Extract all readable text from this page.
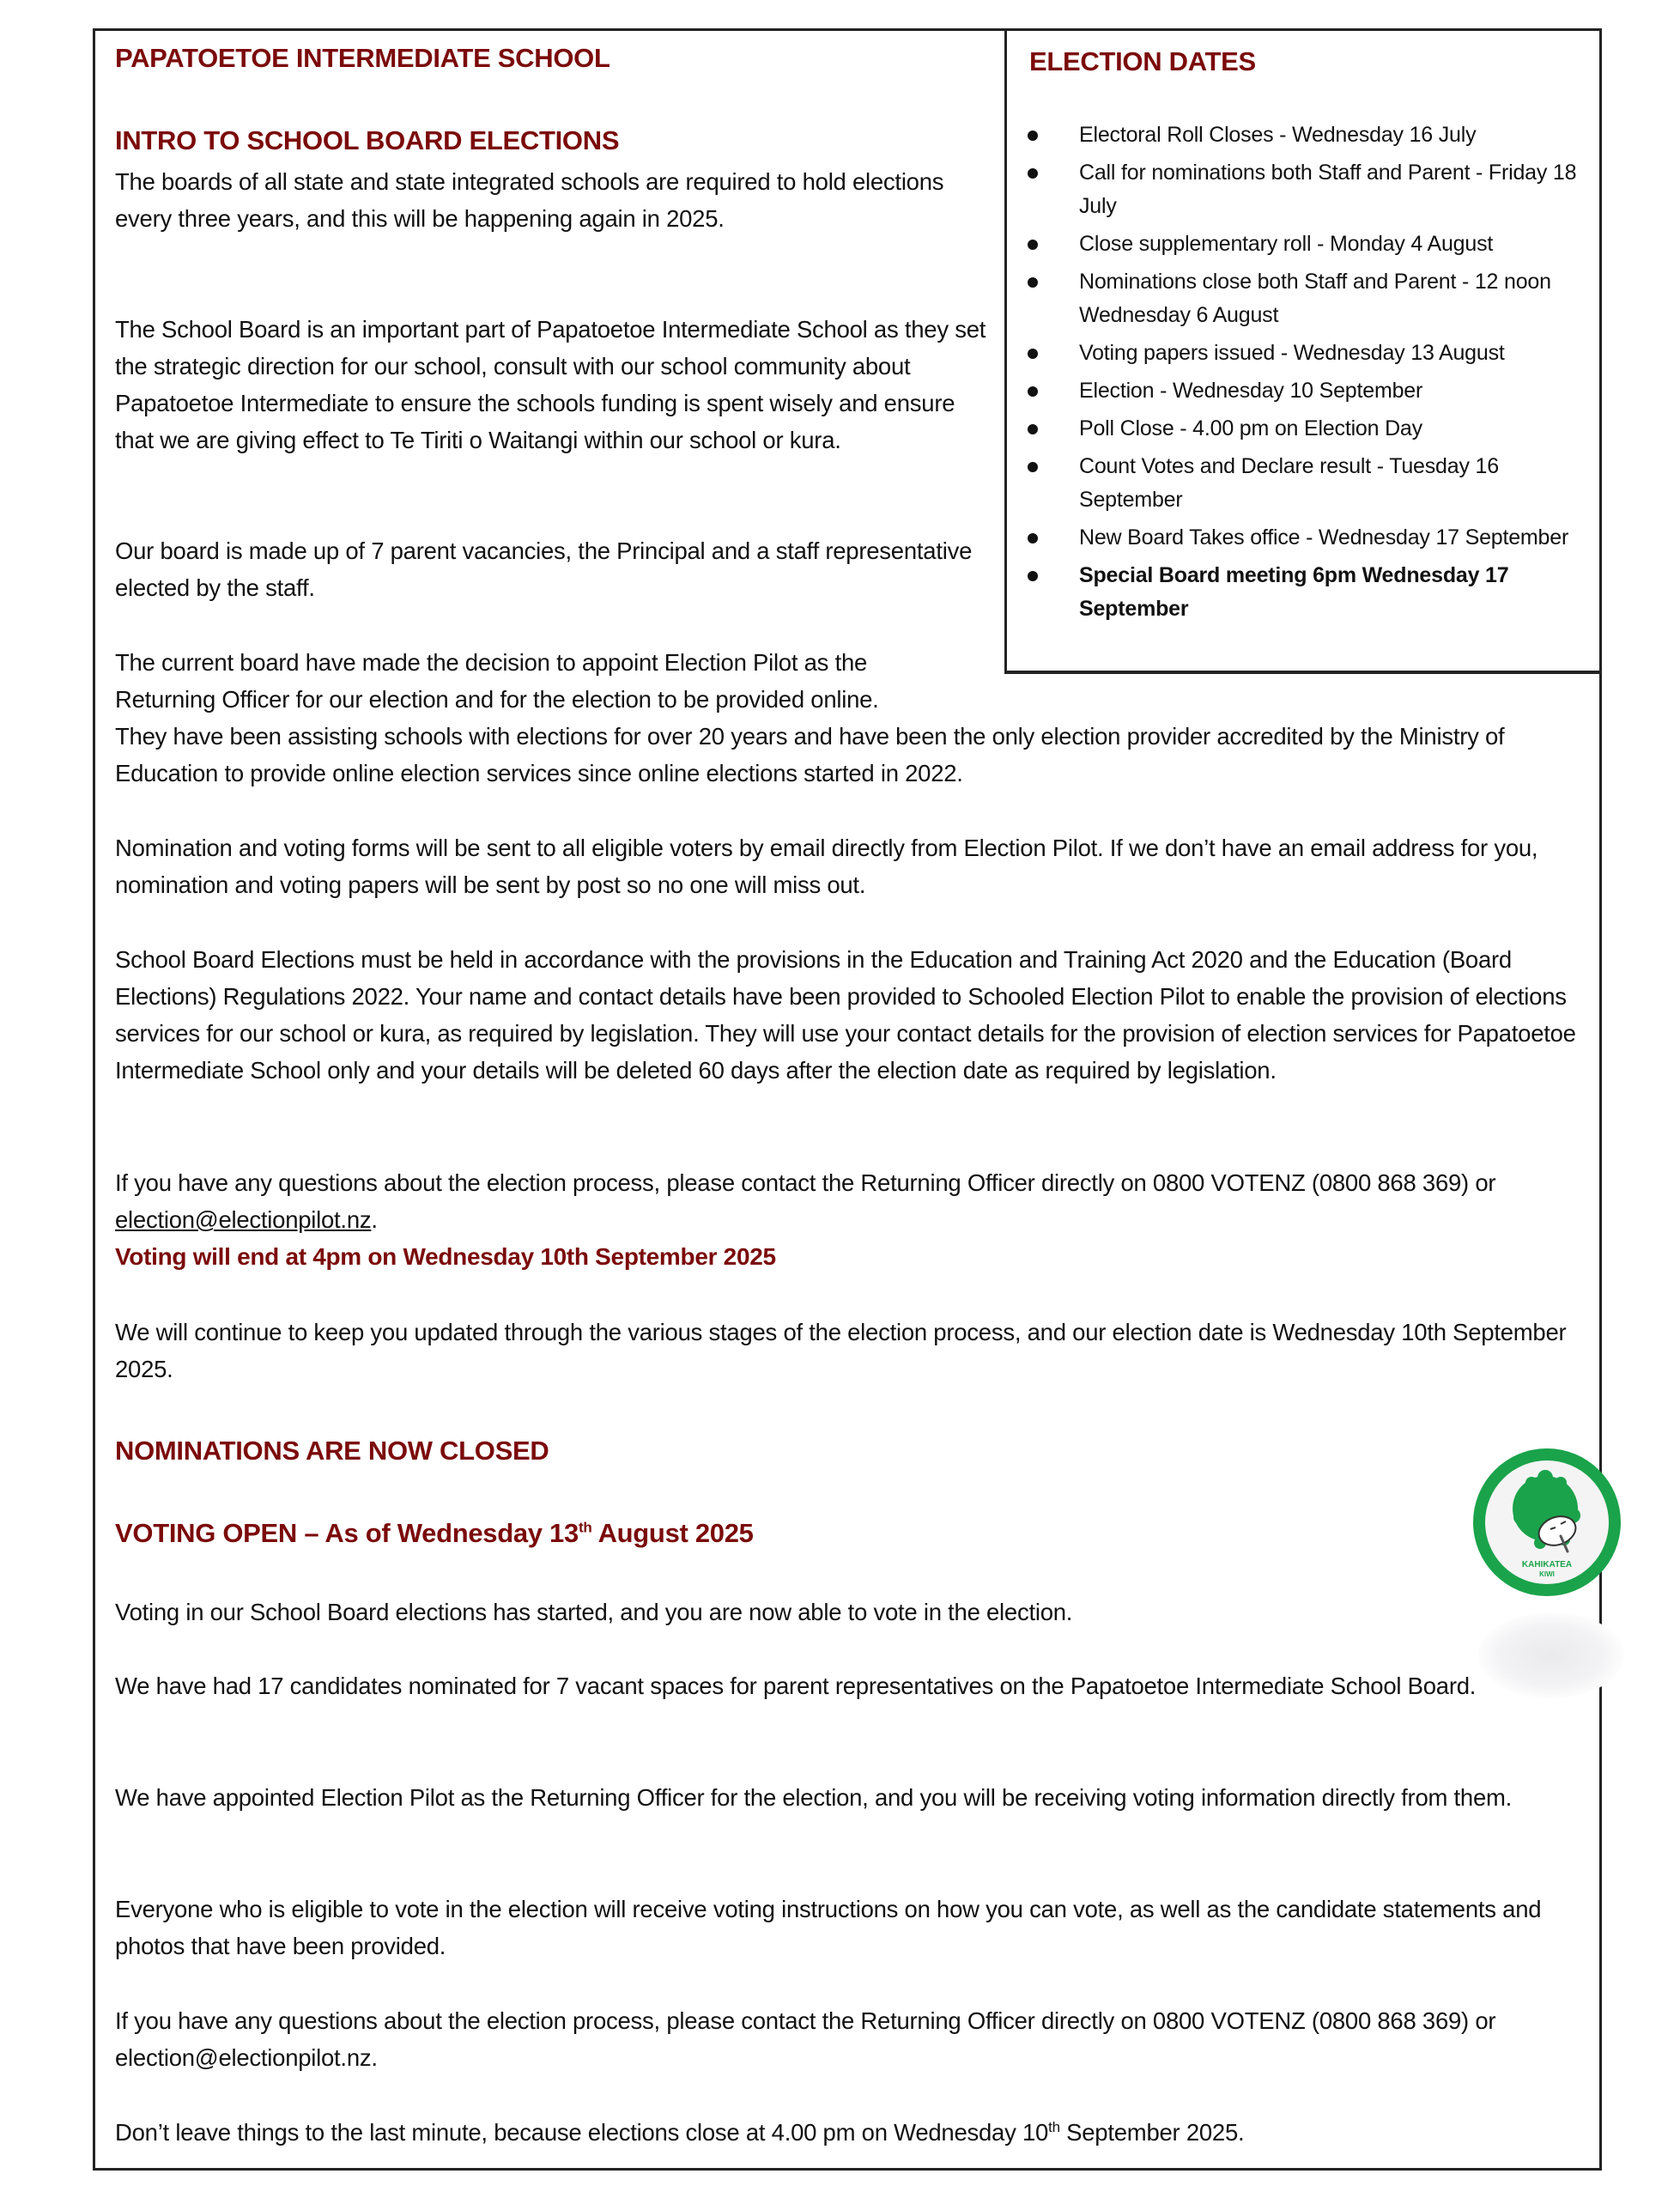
ELECTION DATES
Electoral Roll Closes - Wednesday 16 July
Call for nominations both Staff and Parent - Friday 18 July
Close supplementary roll - Monday 4 August
Nominations close both Staff and Parent - 12 noon Wednesday 6 August
Voting papers issued - Wednesday 13 August
Election - Wednesday 10 September
Poll Close - 4.00 pm on Election Day
Count Votes and Declare result - Tuesday 16 September
New Board Takes office - Wednesday 17 September
Special Board meeting 6pm Wednesday 17 September
PAPATOETOE INTERMEDIATE SCHOOL
INTRO TO SCHOOL BOARD ELECTIONS
The boards of all state and state integrated schools are required to hold elections every three years, and this will be happening again in 2025.
The School Board is an important part of Papatoetoe Intermediate School as they set the strategic direction for our school, consult with our school community about Papatoetoe Intermediate to ensure the schools funding is spent wisely and ensure that we are giving effect to Te Tiriti o Waitangi within our school or kura.
Our board is made up of 7 parent vacancies, the Principal and a staff representative elected by the staff.
The current board have made the decision to appoint Election Pilot as the
Returning Officer for our election and for the election to be provided online.
They have been assisting schools with elections for over 20 years and have been the only election provider accredited by the Ministry of Education to provide online election services since online elections started in 2022.
Nomination and voting forms will be sent to all eligible voters by email directly from Election Pilot. If we don’t have an email address for you, nomination and voting papers will be sent by post so no one will miss out.
School Board Elections must be held in accordance with the provisions in the Education and Training Act 2020 and the Education (Board Elections) Regulations 2022. Your name and contact details have been provided to Schooled Election Pilot to enable the provision of elections services for our school or kura, as required by legislation. They will use your contact details for the provision of election services for Papatoetoe Intermediate School only and your details will be deleted 60 days after the election date as required by legislation.
If you have any questions about the election process, please contact the Returning Officer directly on 0800 VOTENZ (0800 868 369) or election@electionpilot.nz.
Voting will end at 4pm on Wednesday 10th September 2025
We will continue to keep you updated through the various stages of the election process, and our election date is Wednesday 10th September 2025.
NOMINATIONS ARE NOW CLOSED
VOTING OPEN – As of Wednesday 13th August 2025
Voting in our School Board elections has started, and you are now able to vote in the election.
We have had 17 candidates nominated for 7 vacant spaces for parent representatives on the Papatoetoe Intermediate School Board.
We have appointed Election Pilot as the Returning Officer for the election, and you will be receiving voting information directly from them.
Everyone who is eligible to vote in the election will receive voting instructions on how you can vote, as well as the candidate statements and photos that have been provided.
If you have any questions about the election process, please contact the Returning Officer directly on 0800 VOTENZ (0800 868 369) or election@electionpilot.nz.
Don’t leave things to the last minute, because elections close at 4.00 pm on Wednesday 10th September 2025.
KAHIKATEA
KIWI
